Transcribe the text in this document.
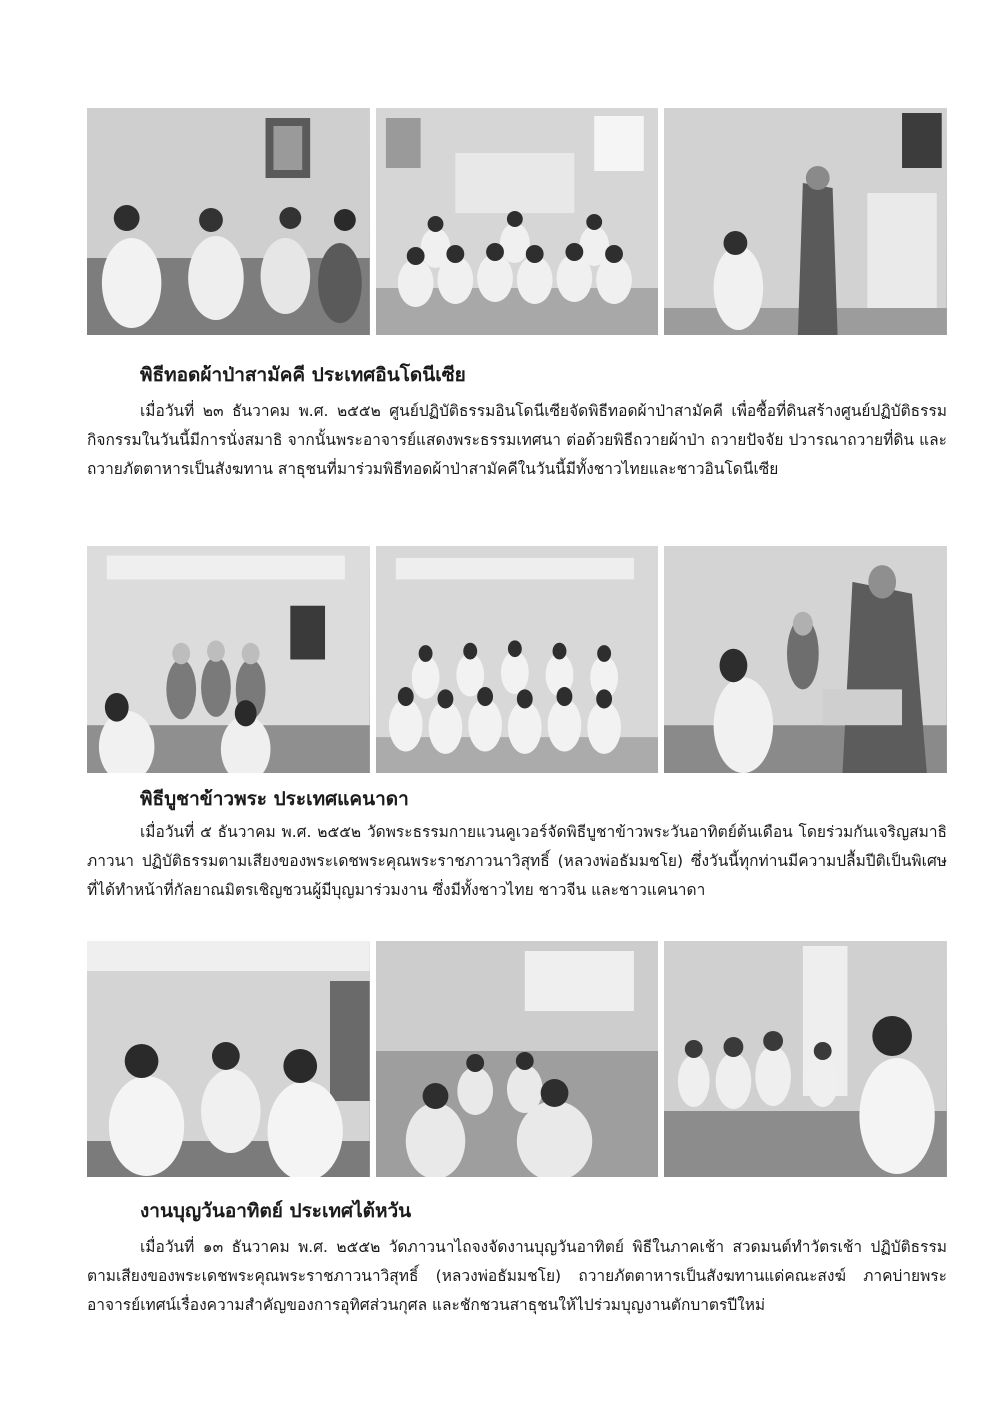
พิธีทอดผ้าป่าสามัคคี ประเทศอินโดนีเซีย

เมื่อวันที่ ๒๓ ธันวาคม พ.ศ. ๒๕๕๒ ศูนย์ปฏิบัติธรรมอินโดนีเซียจัดพิธีทอดผ้าป่าสามัคคี เพื่อซื้อที่ดินสร้างศูนย์ปฏิบัติธรรม กิจกรรมในวันนี้มีการนั่งสมาธิ จากนั้นพระอาจารย์แสดงพระธรรมเทศนา ต่อด้วยพิธีถวายผ้าป่า ถวายปัจจัย ปวารณาถวายที่ดิน และถวายภัตตาหารเป็นสังฆทาน สาธุชนที่มาร่วมพิธีทอดผ้าป่าสามัคคีในวันนี้มีทั้งชาวไทยและชาวอินโดนีเซีย

พิธีบูชาข้าวพระ ประเทศแคนาดา

เมื่อวันที่ ๕ ธันวาคม พ.ศ. ๒๕๕๒ วัดพระธรรมกายแวนคูเวอร์จัดพิธีบูชาข้าวพระวันอาทิตย์ต้นเดือน โดยร่วมกันเจริญสมาธิภาวนา ปฏิบัติธรรมตามเสียงของพระเดชพระคุณพระราชภาวนาวิสุทธิ์ (หลวงพ่อธัมมชโย) ซึ่งวันนี้ทุกท่านมีความปลื้มปีติเป็นพิเศษที่ได้ทำหน้าที่กัลยาณมิตรเชิญชวนผู้มีบุญมาร่วมงาน ซึ่งมีทั้งชาวไทย ชาวจีน และชาวแคนาดา

งานบุญวันอาทิตย์ ประเทศไต้หวัน

เมื่อวันที่ ๑๓ ธันวาคม พ.ศ. ๒๕๕๒ วัดภาวนาไถจงจัดงานบุญวันอาทิตย์ พิธีในภาคเช้า สวดมนต์ทำวัตรเช้า ปฏิบัติธรรมตามเสียงของพระเดชพระคุณพระราชภาวนาวิสุทธิ์ (หลวงพ่อธัมมชโย) ถวายภัตตาหารเป็นสังฆทานแด่คณะสงฆ์ ภาคบ่ายพระอาจารย์เทศน์เรื่องความสำคัญของการอุทิศส่วนกุศล และชักชวนสาธุชนให้ไปร่วมบุญงานตักบาตรปีใหม่
